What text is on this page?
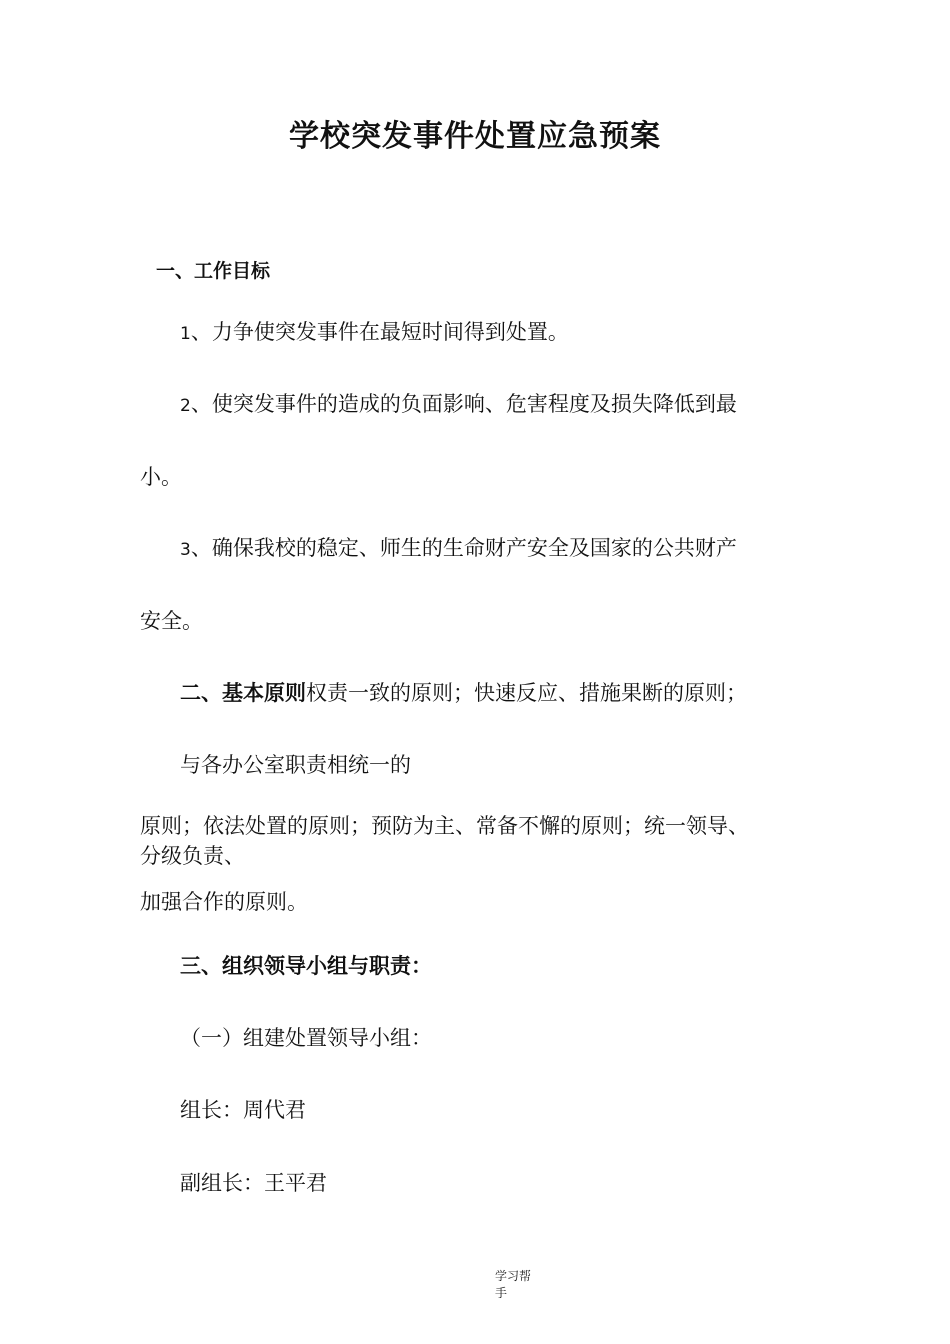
学校突发事件处置应急预案
一、工作目标
1、力争使突发事件在最短时间得到处置。
2、使突发事件的造成的负面影响、危害程度及损失降低到最
小。
3、确保我校的稳定、师生的生命财产安全及国家的公共财产
安全。
二、基本原则权责一致的原则；快速反应、措施果断的原则；
与各办公室职责相统一的
原则；依法处置的原则；预防为主、常备不懈的原则；统一领导、
分级负责、
加强合作的原则。
三、组织领导小组与职责：
（一）组建处置领导小组：
组长：周代君
副组长：王平君
学习帮手
